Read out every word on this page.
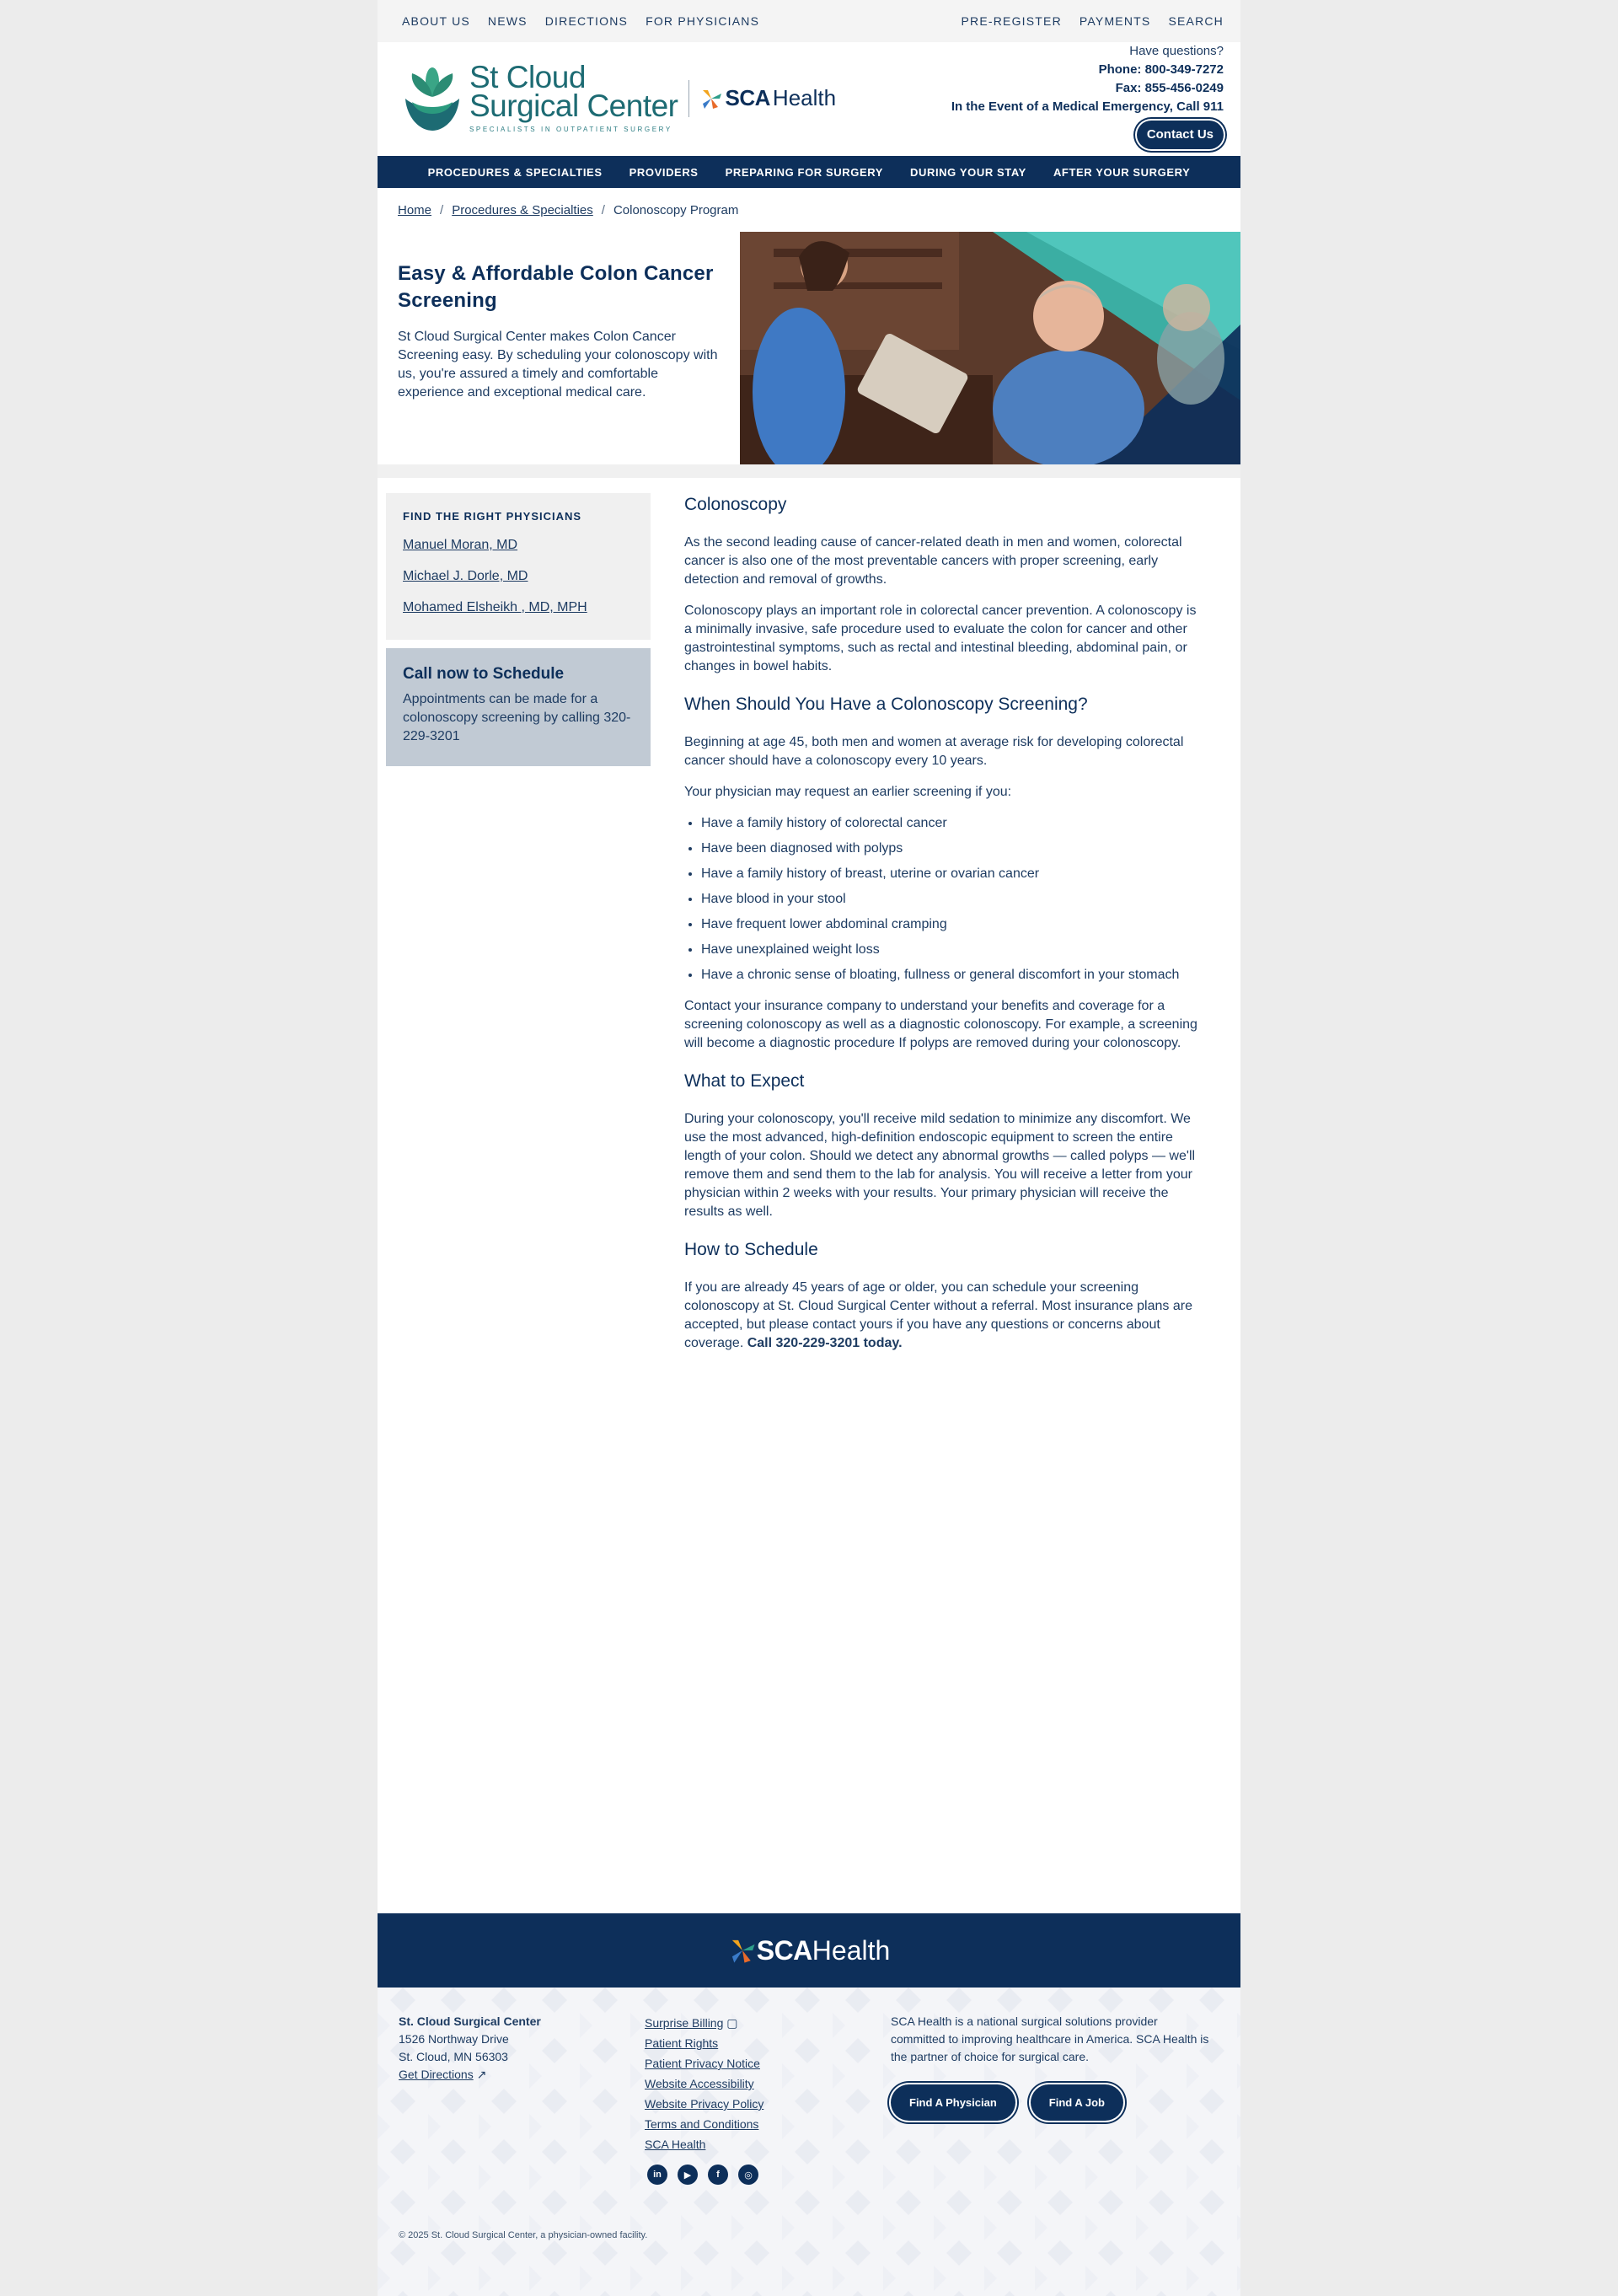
ABOUT US NEWS DIRECTIONS FOR PHYSICIANS	PRE-REGISTER PAYMENTS SEARCH
St Cloud
Surgical Center
SPECIALISTS IN OUTPATIENT SURGERY
SCA Health
Have questions?
Phone: 800-349-7272
Fax: 855-456-0249
In the Event of a Medical Emergency, Call 911
Contact Us
PROCEDURES & SPECIALTIES PROVIDERS PREPARING FOR SURGERY DURING YOUR STAY AFTER YOUR SURGERY
Home / Procedures & Specialties / Colonoscopy Program
Easy & Affordable Colon Cancer Screening

St Cloud Surgical Center makes Colon Cancer Screening easy. By scheduling your colonoscopy with us, you're assured a timely and comfortable experience and exceptional medical care.

FIND THE RIGHT PHYSICIANS
Manuel Moran, MD
Michael J. Dorle, MD
Mohamed Elsheikh , MD, MPH
Call now to Schedule
Appointments can be made for a colonoscopy screening by calling 320-229-3201
Colonoscopy

As the second leading cause of cancer-related death in men and women, colorectal cancer is also one of the most preventable cancers with proper screening, early detection and removal of growths.

Colonoscopy plays an important role in colorectal cancer prevention. A colonoscopy is a minimally invasive, safe procedure used to evaluate the colon for cancer and other gastrointestinal symptoms, such as rectal and intestinal bleeding, abdominal pain, or changes in bowel habits.

When Should You Have a Colonoscopy Screening?

Beginning at age 45, both men and women at average risk for developing colorectal cancer should have a colonoscopy every 10 years.

Your physician may request an earlier screening if you:

• Have a family history of colorectal cancer
• Have been diagnosed with polyps
• Have a family history of breast, uterine or ovarian cancer
• Have blood in your stool
• Have frequent lower abdominal cramping
• Have unexplained weight loss
• Have a chronic sense of bloating, fullness or general discomfort in your stomach

Contact your insurance company to understand your benefits and coverage for a screening colonoscopy as well as a diagnostic colonoscopy. For example, a screening will become a diagnostic procedure If polyps are removed during your colonoscopy.

What to Expect

During your colonoscopy, you'll receive mild sedation to minimize any discomfort. We use the most advanced, high-definition endoscopic equipment to screen the entire length of your colon. Should we detect any abnormal growths — called polyps — we'll remove them and send them to the lab for analysis. You will receive a letter from your physician within 2 weeks with your results. Your primary physician will receive the results as well.

How to Schedule

If you are already 45 years of age or older, you can schedule your screening colonoscopy at St. Cloud Surgical Center without a referral. Most insurance plans are accepted, but please contact yours if you have any questions or concerns about coverage. Call 320-229-3201 today.

SCA Health
St. Cloud Surgical Center
1526 Northway Drive
St. Cloud, MN 56303
Get Directions ↗
Surprise Billing ▢
Patient Rights
Patient Privacy Notice
Website Accessibility
Website Privacy Policy
Terms and Conditions
SCA Health
in	▶	f	◎
SCA Health is a national surgical solutions provider committed to improving healthcare in America. SCA Health is the partner of choice for surgical care.
Find A Physician	Find A Job
© 2025 St. Cloud Surgical Center, a physician-owned facility.
